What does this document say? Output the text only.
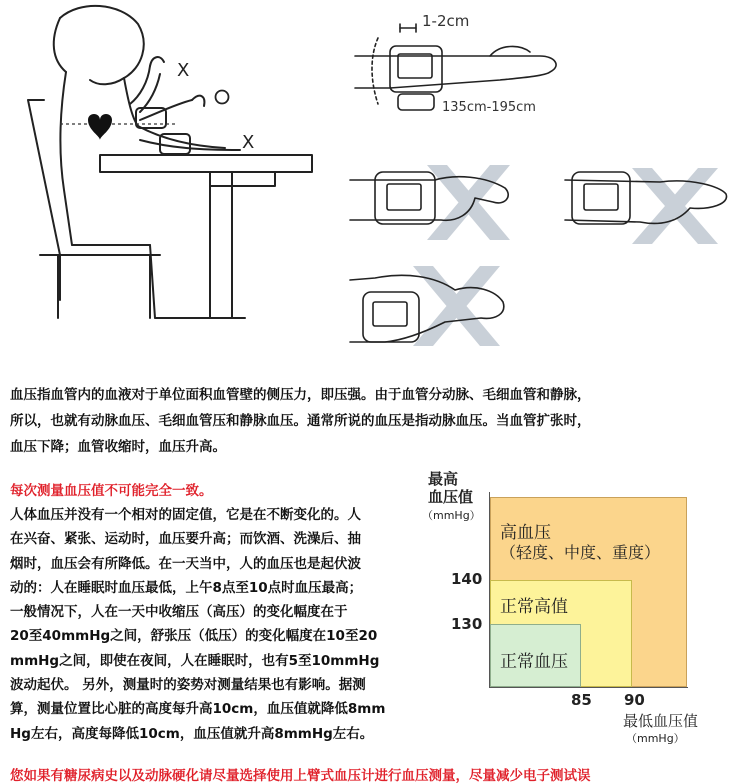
X
X
1-2cm
135cm-195cm
血压指血管内的血液对于单位面积血管壁的侧压力，即压强。由于血管分动脉、毛细血管和静脉，
所以，也就有动脉血压、毛细血管压和静脉血压。通常所说的血压是指动脉血压。当血管扩张时，
血压下降；血管收缩时，血压升高。
每次测量血压值不可能完全一致。
人体血压并没有一个相对的固定值，它是在不断变化的。人
在兴奋、紧张、运动时，血压要升高；而饮酒、洗澡后、抽
烟时，血压会有所降低。在一天当中，人的血压也是起伏波
动的：人在睡眠时血压最低，上午8点至10点时血压最高；
一般情况下，人在一天中收缩压（高压）的变化幅度在于
20至40mmHg之间，舒张压（低压）的变化幅度在10至20
mmHg之间，即使在夜间，人在睡眠时，也有5至10mmHg
波动起伏。 另外，测量时的姿势对测量结果也有影响。据测
算，测量位置比心脏的高度每升高10cm，血压值就降低8mm
Hg左右，高度每降低10cm，血压值就升高8mmHg左右。
高血压
（轻度、中度、重度）
正常高值
正常血压
最高
血压值
（mmHg）
140
130
85 90
最低血压值
（mmHg）
您如果有糖尿病史以及动脉硬化请尽量选择使用上臂式血压计进行血压测量，尽量减少电子测试误
